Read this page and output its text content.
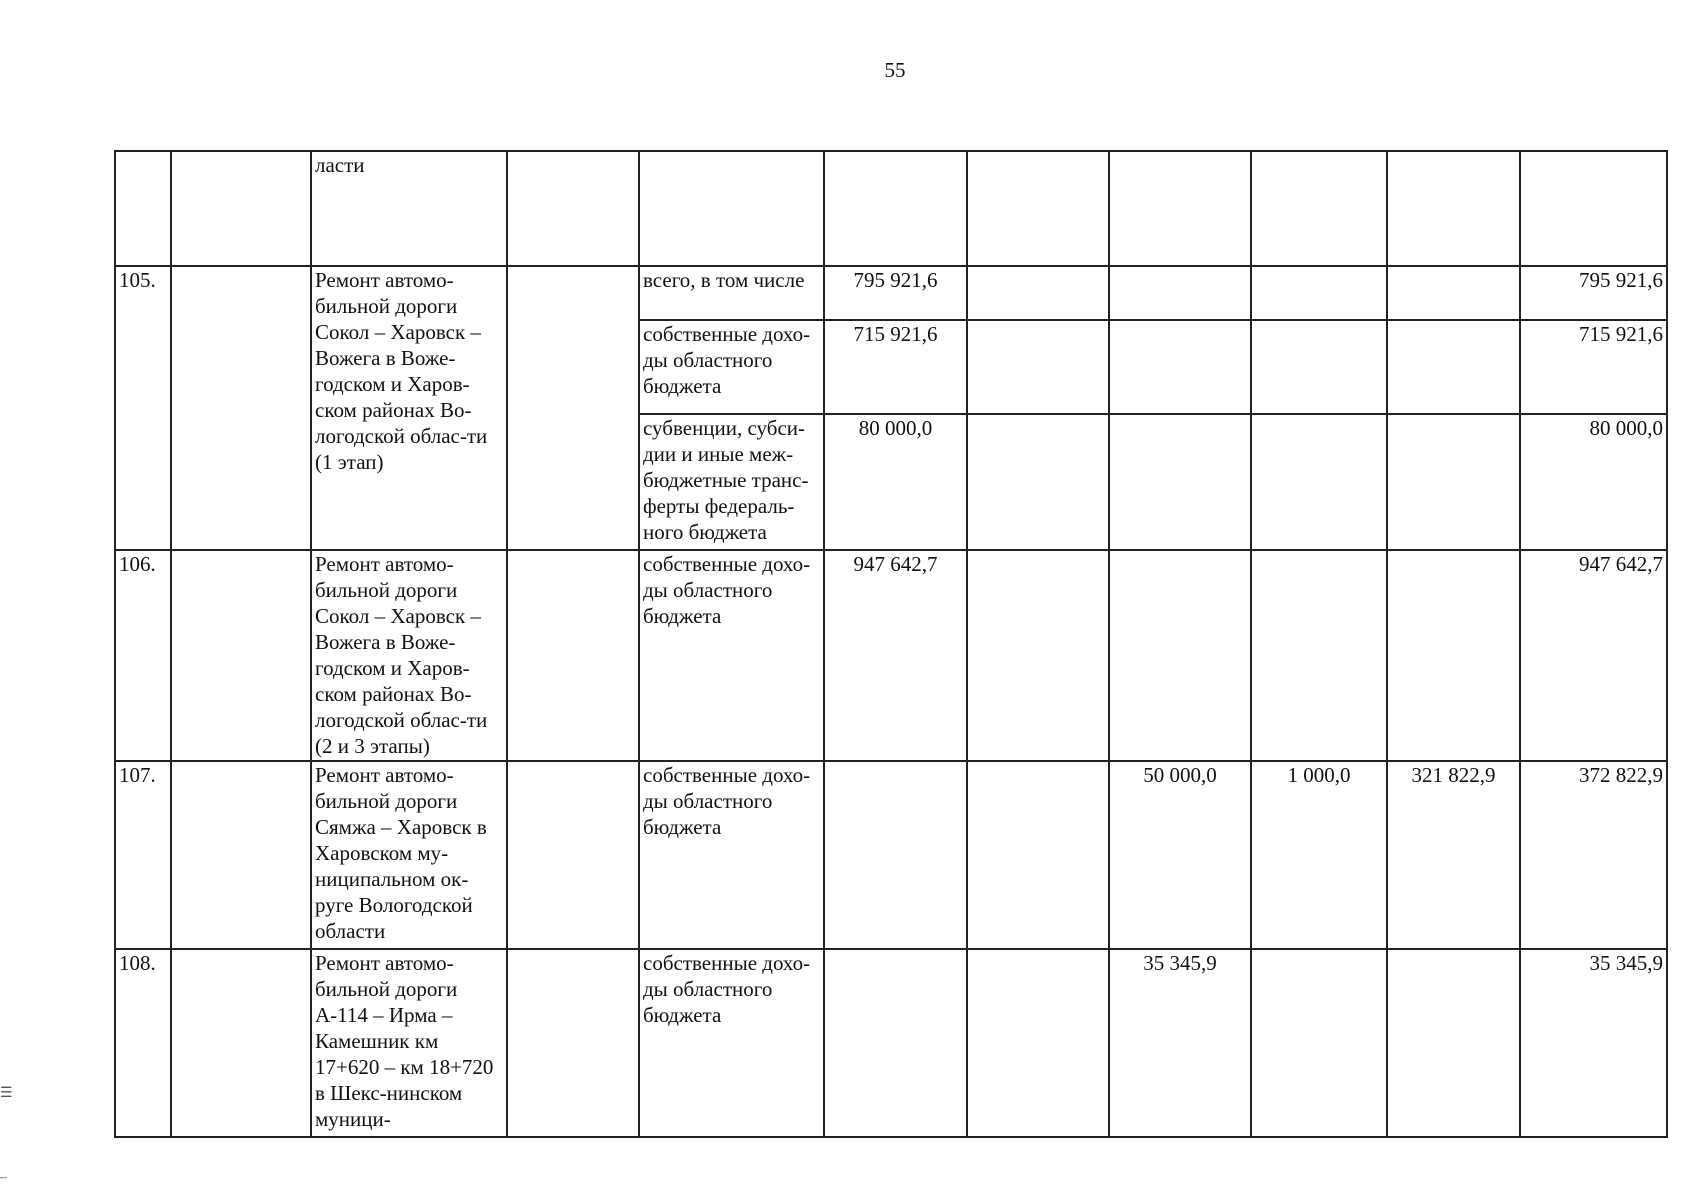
55
		ласти								
105.		Ремонт автомо-бильной дороги Сокол – Харовск – Вожега в Воже-годском и Харов-ском районах Во-логодской облас-ти (1 этап)		всего, в том числе	795 921,6					795 921,6
				собственные дохо-ды областного бюджета	715 921,6					715 921,6
				субвенции, субси-дии и иные меж-бюджетные транс-ферты федераль-ного бюджета	80 000,0					80 000,0
106.		Ремонт автомо-бильной дороги Сокол – Харовск – Вожега в Воже-годском и Харов-ском районах Во-логодской облас-ти (2 и 3 этапы)		собственные дохо-ды областного бюджета	947 642,7					947 642,7
107.		Ремонт автомо-бильной дороги Сямжа – Харовск в Харовском му-ниципальном ок-руге Вологодской области		собственные дохо-ды областного бюджета			50 000,0	1 000,0	321 822,9	372 822,9
108.		Ремонт автомо-бильной дороги А-114 – Ирма – Камешник км 17+620 – км 18+720 в Шекс-нинском муници-		собственные дохо-ды областного бюджета			35 345,9			35 345,9
☰
–
